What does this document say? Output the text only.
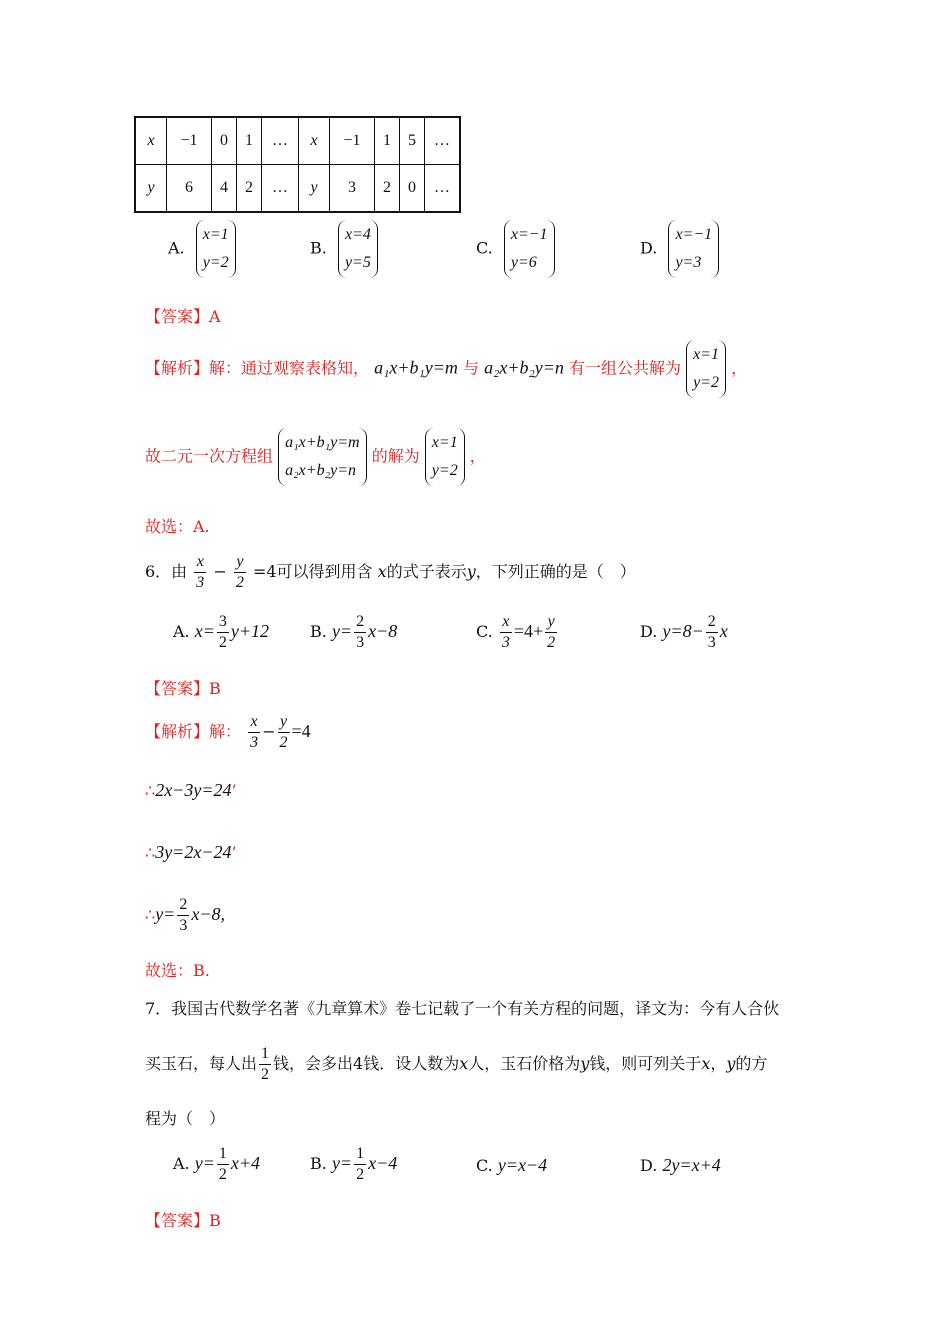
x	−1	0	1	…	x	−1	1	5	…
y	6	4	2	…	y	3	2	0	…
A.
x=1
y=2
B.
x=4
y=5
C.
x=−1
y=6
D.
x=−1
y=3
【答案】A
【解析】解：通过观察表格知， a₁x+b₁y=m 与 a₂x+b₂y=n 有一组公共解为
x=1
y=2
，
故二元一次方程组
a₁x+b₁y=m
a₂x+b₂y=n
的解为
x=1
y=2
，
故选：A.
6．由 $\frac{x}{3} - \frac{y}{2} =4$可以得到用含 x的式子表示y，下列正确的是（　）
A. $x= \frac{3}{2} y+12$	B. $y= \frac{2}{3} x-8$	C. $\frac{x}{3} =4+ \frac{y}{2}$	D. $y=8- \frac{2}{3}$ x
【答案】B
【解析】解： $\frac{x}{3} - \frac{y}{2} =4$
∴2x−3y=24’
∴3y=2x−24’
∴y= $\frac{2}{3} x-8$,
故选：B.
7．我国古代数学名著《九章算术》卷七记载了一个有关方程的问题，译文为：今有人合伙
买玉石，每人出 $\frac{1}{2}$ 钱，会多出4钱．设人数为x人，玉石价格为y钱，则可列关于x，y的方
程为（　）
A. $y= \frac{1}{2} x+4$	B. $y= \frac{1}{2} x-4$	C. y=x−4	D. 2y=x+4
【答案】B
